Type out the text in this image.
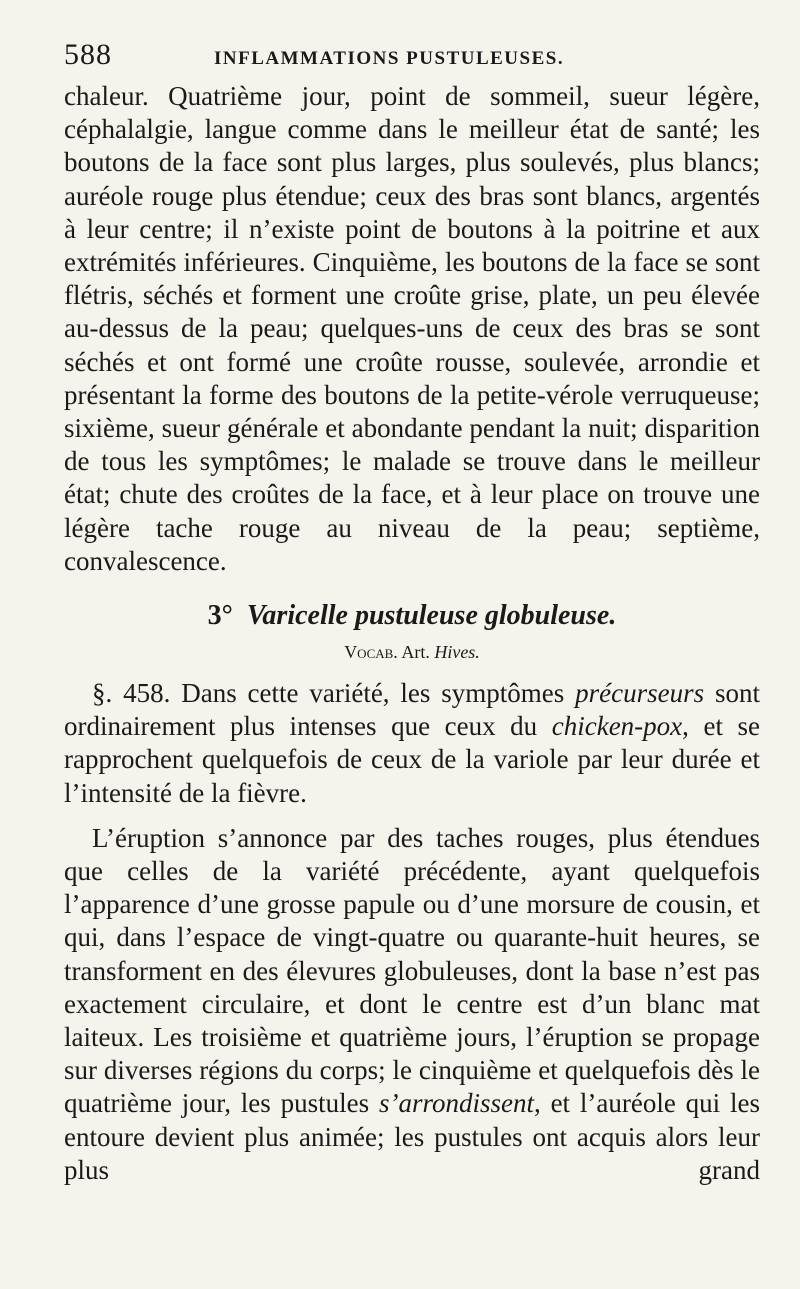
588	INFLAMMATIONS PUSTULEUSES.

chaleur. Quatrième jour, point de sommeil, sueur légère, céphalalgie, langue comme dans le meilleur état de santé; les boutons de la face sont plus larges, plus soulevés, plus blancs; auréole rouge plus étendue; ceux des bras sont blancs, argentés à leur centre; il n’existe point de boutons à la poitrine et aux extrémités inférieures. Cinquième, les boutons de la face se sont flétris, séchés et forment une croûte grise, plate, un peu élevée au-dessus de la peau; quelques-uns de ceux des bras se sont séchés et ont formé une croûte rousse, soulevée, arrondie et présentant la forme des boutons de la petite-vérole verruqueuse; sixième, sueur générale et abondante pendant la nuit; disparition de tous les symptômes; le malade se trouve dans le meilleur état; chute des croûtes de la face, et à leur place on trouve une légère tache rouge au niveau de la peau; septième, convalescence.

3° Varicelle pustuleuse globuleuse.
Vocab. Art. Hives.

§. 458. Dans cette variété, les symptômes précurseurs sont ordinairement plus intenses que ceux du chicken-pox, et se rapprochent quelquefois de ceux de la variole par leur durée et l’intensité de la fièvre.

L’éruption s’annonce par des taches rouges, plus étendues que celles de la variété précédente, ayant quelquefois l’apparence d’une grosse papule ou d’une morsure de cousin, et qui, dans l’espace de vingt-quatre ou quarante-huit heures, se transforment en des élevures globuleuses, dont la base n’est pas exactement circulaire, et dont le centre est d’un blanc mat laiteux. Les troisième et quatrième jours, l’éruption se propage sur diverses régions du corps; le cinquième et quelquefois dès le quatrième jour, les pustules s’arrondissent, et l’auréole qui les entoure devient plus animée; les pustules ont acquis alors leur plus grand
